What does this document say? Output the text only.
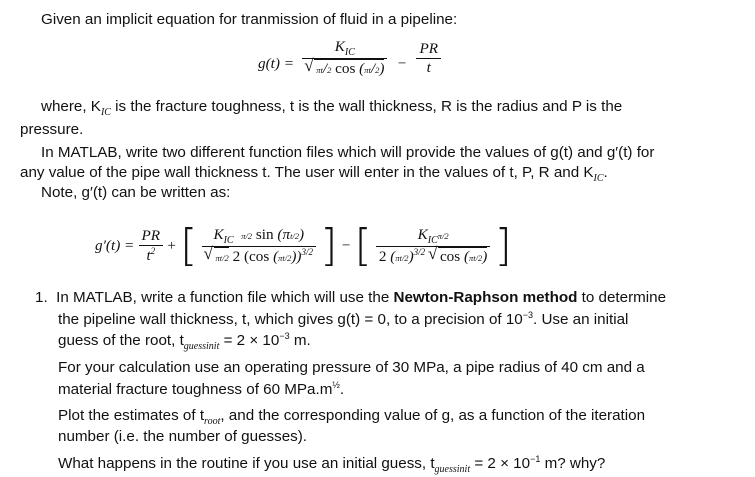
Given an implicit equation for tranmission of fluid in a pipeline:
$g(t) = K_{IC}$
√ πt/2 $\cos (\pi t/2) - \frac{PR}{t}$
where, $K_{IC}$ is the fracture toughness, t is the wall thickness, R is the radius and P is the
pressure.
In MATLAB, write two different function files which will provide the values of g(t) and g′(t) for
any value of the pipe wall thickness t. The user will enter in the values of t, P, R and $K_{IC}$.
Note, g′(t) can be written as:
$g'(t) = \frac{PR}{t^2}$ + [ $K_{IC}$ π/2 sin (πt/2)
√ πt/2 2 (cos (πt/2))$^{3/2}$ ] − [ $\frac{K_{IC}\pi/2}{2 (\pi t/2)^{3/2} √ \cos (\pi t/2)}$ ]
1. In MATLAB, write a function file which will use the Newton-Raphson method to determine
the pipeline wall thickness, t, which gives g(t) = 0, to a precision of $10^{-3}$. Use an initial
guess of the root, $t_{guessinit} = 2 \times 10^{-3}$ m.
For your calculation use an operating pressure of 30 MPa, a pipe radius of 40 cm and a
material fracture toughness of 60 $MPa.m^{\frac{1}{2}}$.
Plot the estimates of $t_{root}$, and the corresponding value of g, as a function of the iteration
number (i.e. the number of guesses).
What happens in the routine if you use an initial guess, $t_{guessinit} = 2 \times 10^{-1}$ m? why?
